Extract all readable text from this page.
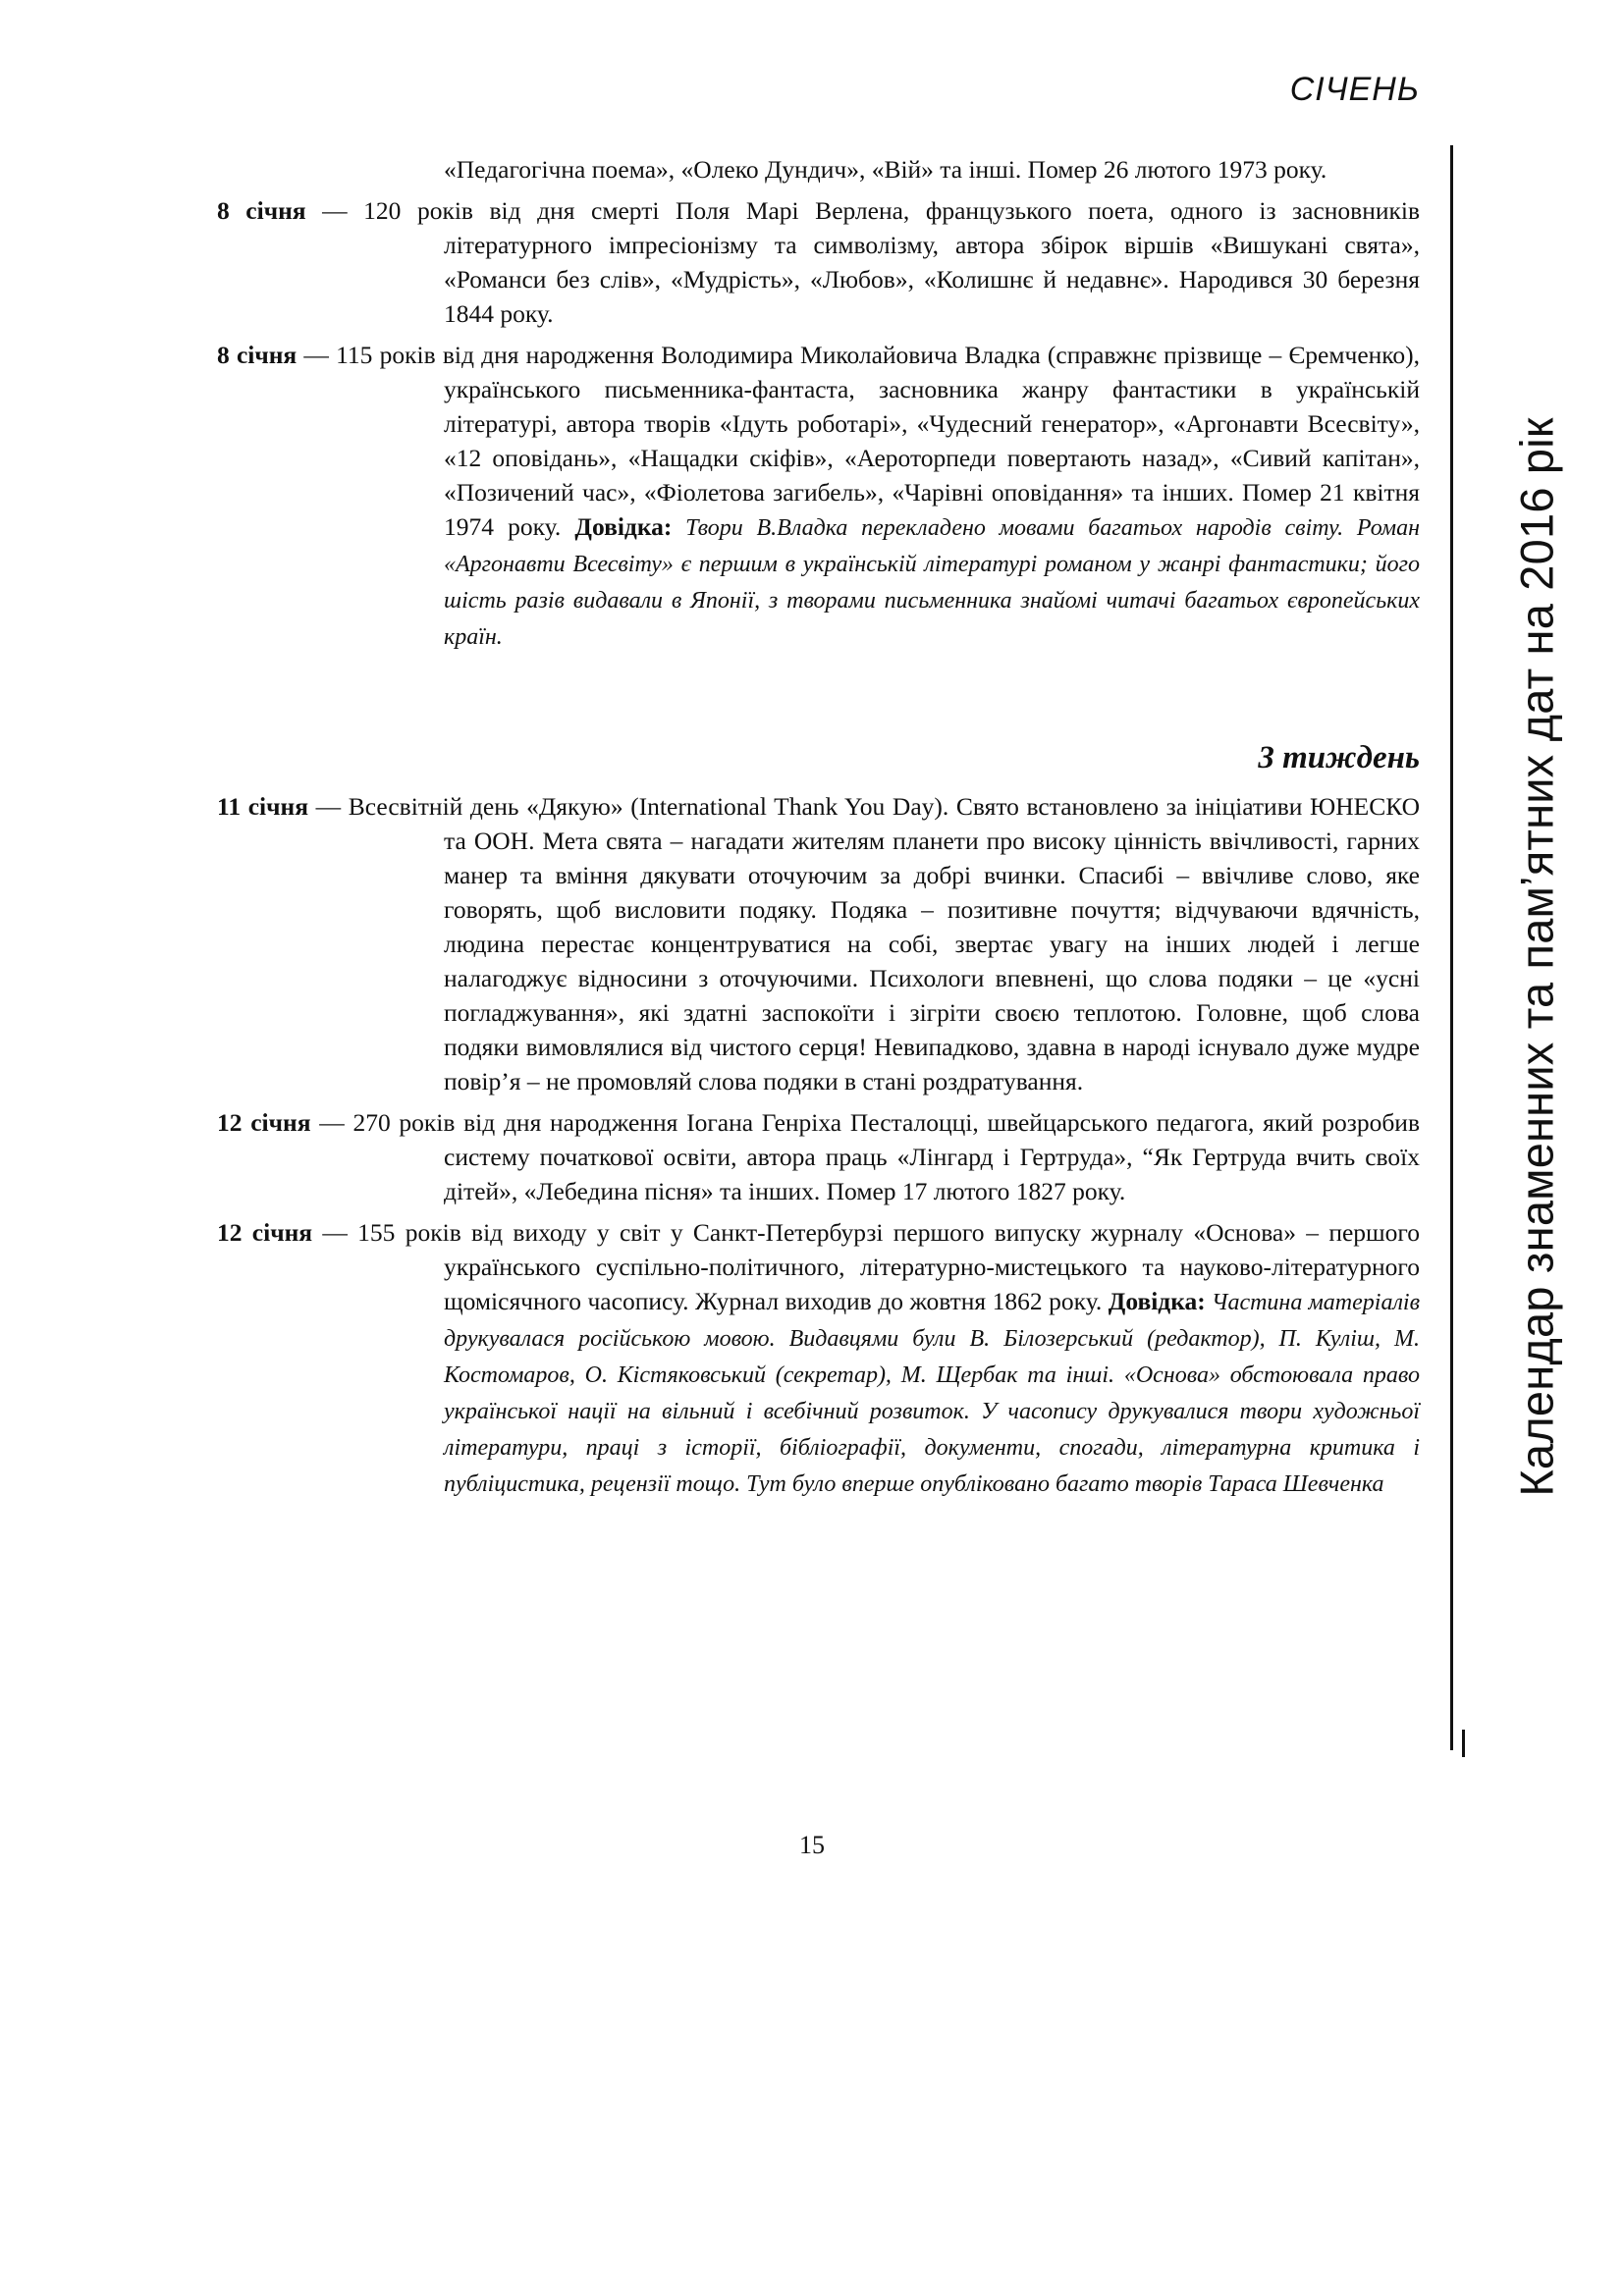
СІЧЕНЬ
Календар знаменних та пам’ятних дат на 2016 рік

«Педагогічна поема», «Олеко Дундич», «Вій» та інші. Помер 26 лютого 1973 року.

8 січня — 120 років від дня смерті Поля Марі Верлена, французького поета, одного із засновників літературного імпресіонізму та символізму, автора збірок віршів «Вишукані свята», «Романси без слів», «Мудрість», «Любов», «Колишнє й недавнє». Народився 30 березня 1844 року.

8 січня — 115 років від дня народження Володимира Миколайовича Владка (справжнє прізвище – Єремченко), українського письменника-фантаста, засновника жанру фантастики в українській літературі, автора творів «Ідуть роботарі», «Чудесний генератор», «Аргонавти Всесвіту», «12 оповідань», «Нащадки скіфів», «Аероторпеди повертають назад», «Сивий капітан», «Позичений час», «Фіолетова загибель», «Чарівні оповідання» та інших. Помер 21 квітня 1974 року. Довідка: Твори В.Владка перекладено мовами багатьох народів світу. Роман «Аргонавти Всесвіту» є першим в українській літературі романом у жанрі фантастики; його шість разів видавали в Японії, з творами письменника знайомі читачі багатьох європейських країн.

3 тиждень

11 січня — Всесвітній день «Дякую» (International Thank You Day). Свято встановлено за ініціативи ЮНЕСКО та ООН. Мета свята – нагадати жителям планети про високу цінність ввічливості, гарних манер та вміння дякувати оточуючим за добрі вчинки. Спасибі – ввічливе слово, яке говорять, щоб висловити подяку. Подяка – позитивне почуття; відчуваючи вдячність, людина перестає концентруватися на собі, звертає увагу на інших людей і легше налагоджує відносини з оточуючими. Психологи впевнені, що слова подяки – це «усні погладжування», які здатні заспокоїти і зігріти своєю теплотою. Головне, щоб слова подяки вимовлялися від чистого серця! Невипадково, здавна в народі існувало дуже мудре повір’я – не промовляй слова подяки в стані роздратування.

12 січня — 270 років від дня народження Іогана Генріха Песталоцці, швейцарського педагога, який розробив систему початкової освіти, автора праць «Лінгард і Гертруда», “Як Гертруда вчить своїх дітей», «Лебедина пісня» та інших. Помер 17 лютого 1827 року.

12 січня — 155 років від виходу у світ у Санкт-Петербурзі першого випуску журналу «Основа» – першого українського суспільно-політичного, літературно-мистецького та науково-літературного щомісячного часопису. Журнал виходив до жовтня 1862 року. Довідка: Частина матеріалів друкувалася російською мовою. Видавцями були В. Білозерський (редактор), П. Куліш, М. Костомаров, О. Кістяковський (секретар), М. Щербак та інші. «Основа» обстоювала право української нації на вільний і всебічний розвиток. У часопису друкувалися твори художньої літератури, праці з історії, бібліографії, документи, спогади, літературна критика і публіцистика, рецензії тощо. Тут було вперше опубліковано багато творів Тараса Шевченка

15
